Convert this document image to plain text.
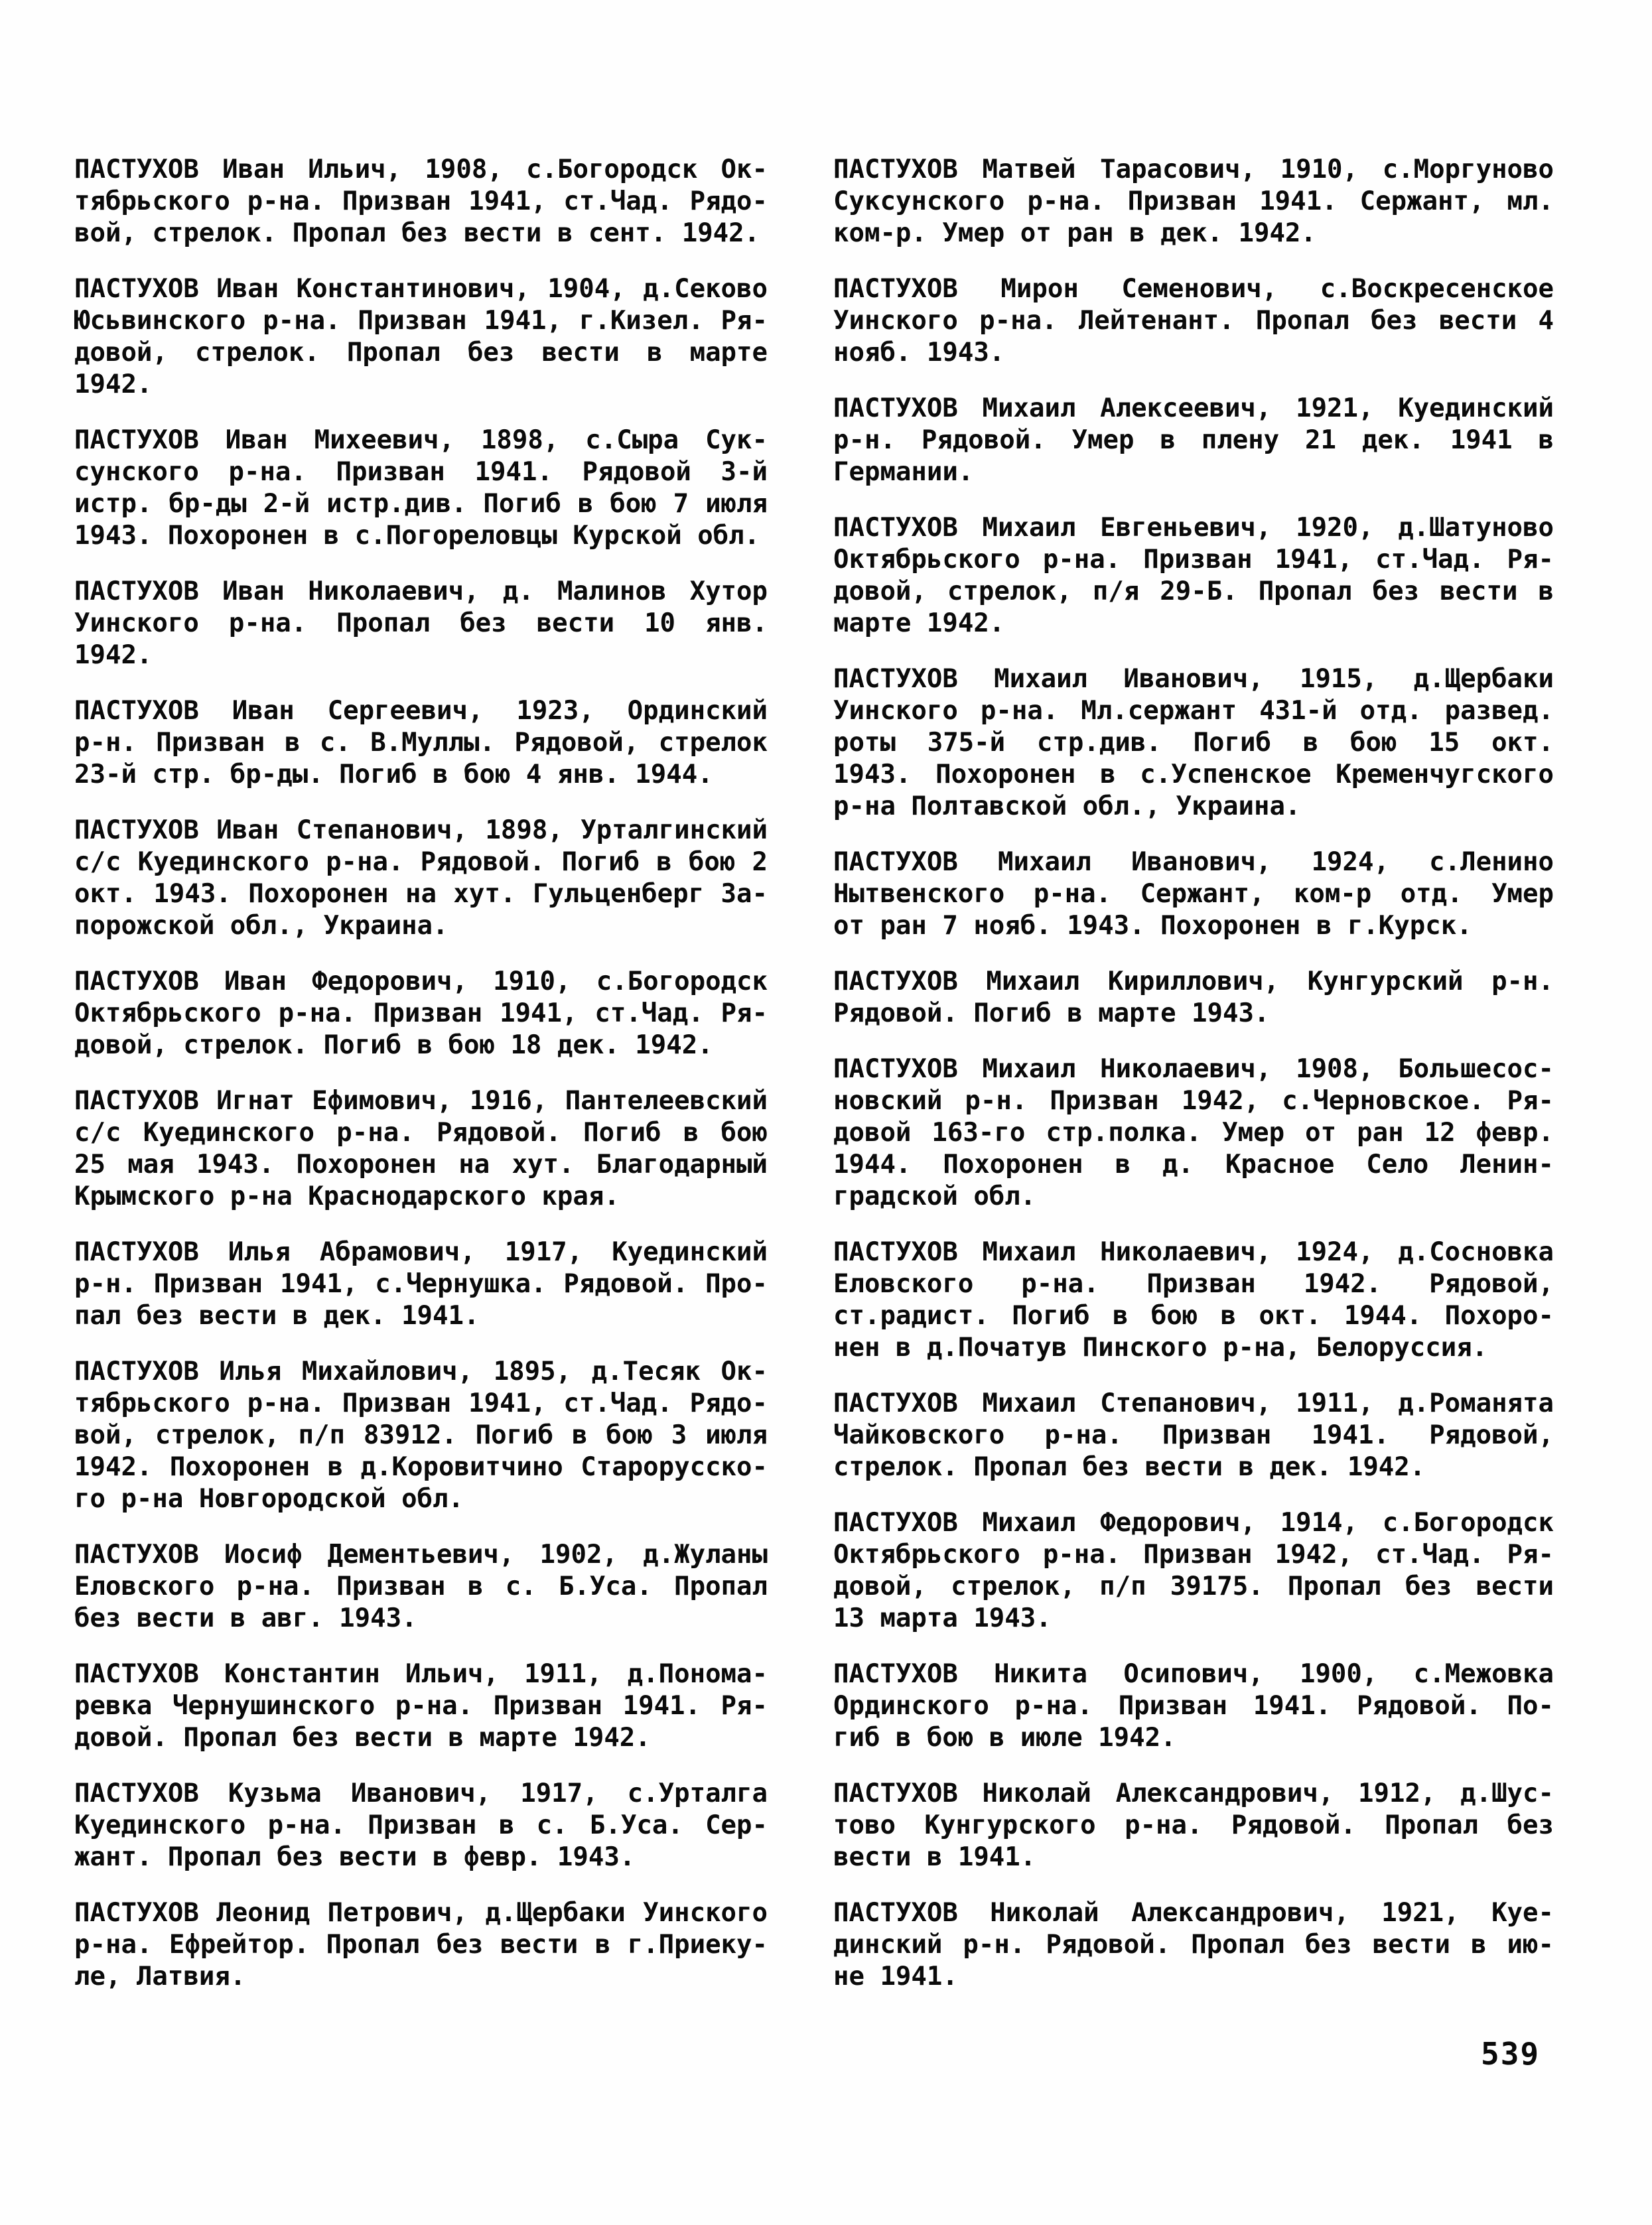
ПАСТУХОВ Иван Ильич, 1908, с.Богородск Ок-
тябрьского р-на. Призван 1941, ст.Чад. Рядо-
вой, стрелок. Пропал без вести в сент. 1942.
ПАСТУХОВ Иван Константинович, 1904, д.Секово
Юсьвинского р-на. Призван 1941, г.Кизел. Ря-
довой, стрелок. Пропал без вести в марте
1942.
ПАСТУХОВ Иван Михеевич, 1898, с.Сыра Сук-
сунского р-на. Призван 1941. Рядовой 3-й
истр. бр-ды 2-й истр.див. Погиб в бою 7 июля
1943. Похоронен в с.Погореловцы Курской обл.
ПАСТУХОВ Иван Николаевич, д. Малинов Хутор
Уинского р-на. Пропал без вести 10 янв.
1942.
ПАСТУХОВ Иван Сергеевич, 1923, Ординский
р-н. Призван в с. В.Муллы. Рядовой, стрелок
23-й стр. бр-ды. Погиб в бою 4 янв. 1944.
ПАСТУХОВ Иван Степанович, 1898, Урталгинский
с/с Куединского р-на. Рядовой. Погиб в бою 2
окт. 1943. Похоронен на хут. Гульценберг За-
порожской обл., Украина.
ПАСТУХОВ Иван Федорович, 1910, с.Богородск
Октябрьского р-на. Призван 1941, ст.Чад. Ря-
довой, стрелок. Погиб в бою 18 дек. 1942.
ПАСТУХОВ Игнат Ефимович, 1916, Пантелеевский
с/с Куединского р-на. Рядовой. Погиб в бою
25 мая 1943. Похоронен на хут. Благодарный
Крымского р-на Краснодарского края.
ПАСТУХОВ Илья Абрамович, 1917, Куединский
р-н. Призван 1941, с.Чернушка. Рядовой. Про-
пал без вести в дек. 1941.
ПАСТУХОВ Илья Михайлович, 1895, д.Тесяк Ок-
тябрьского р-на. Призван 1941, ст.Чад. Рядо-
вой, стрелок, п/п 83912. Погиб в бою 3 июля
1942. Похоронен в д.Коровитчино Старорусско-
го р-на Новгородской обл.
ПАСТУХОВ Иосиф Дементьевич, 1902, д.Жуланы
Еловского р-на. Призван в с. Б.Уса. Пропал
без вести в авг. 1943.
ПАСТУХОВ Константин Ильич, 1911, д.Понома-
ревка Чернушинского р-на. Призван 1941. Ря-
довой. Пропал без вести в марте 1942.
ПАСТУХОВ Кузьма Иванович, 1917, с.Урталга
Куединского р-на. Призван в с. Б.Уса. Сер-
жант. Пропал без вести в февр. 1943.
ПАСТУХОВ Леонид Петрович, д.Щербаки Уинского
р-на. Ефрейтор. Пропал без вести в г.Приеку-
ле, Латвия.
ПАСТУХОВ Матвей Тарасович, 1910, с.Моргуново
Суксунского р-на. Призван 1941. Сержант, мл.
ком-р. Умер от ран в дек. 1942.
ПАСТУХОВ Мирон Семенович, с.Воскресенское
Уинского р-на. Лейтенант. Пропал без вести 4
нояб. 1943.
ПАСТУХОВ Михаил Алексеевич, 1921, Куединский
р-н. Рядовой. Умер в плену 21 дек. 1941 в
Германии.
ПАСТУХОВ Михаил Евгеньевич, 1920, д.Шатуново
Октябрьского р-на. Призван 1941, ст.Чад. Ря-
довой, стрелок, п/я 29-Б. Пропал без вести в
марте 1942.
ПАСТУХОВ Михаил Иванович, 1915, д.Щербаки
Уинского р-на. Мл.сержант 431-й отд. развед.
роты 375-й стр.див. Погиб в бою 15 окт.
1943. Похоронен в с.Успенское Кременчугского
р-на Полтавской обл., Украина.
ПАСТУХОВ Михаил Иванович, 1924, с.Ленино
Нытвенского р-на. Сержант, ком-р отд. Умер
от ран 7 нояб. 1943. Похоронен в г.Курск.
ПАСТУХОВ Михаил Кириллович, Кунгурский р-н.
Рядовой. Погиб в марте 1943.
ПАСТУХОВ Михаил Николаевич, 1908, Большесос-
новский р-н. Призван 1942, с.Черновское. Ря-
довой 163-го стр.полка. Умер от ран 12 февр.
1944. Похоронен в д. Красное Село Ленин-
градской обл.
ПАСТУХОВ Михаил Николаевич, 1924, д.Сосновка
Еловского р-на. Призван 1942. Рядовой,
ст.радист. Погиб в бою в окт. 1944. Похоро-
нен в д.Початув Пинского р-на, Белоруссия.
ПАСТУХОВ Михаил Степанович, 1911, д.Романята
Чайковского р-на. Призван 1941. Рядовой,
стрелок. Пропал без вести в дек. 1942.
ПАСТУХОВ Михаил Федорович, 1914, с.Богородск
Октябрьского р-на. Призван 1942, ст.Чад. Ря-
довой, стрелок, п/п 39175. Пропал без вести
13 марта 1943.
ПАСТУХОВ Никита Осипович, 1900, с.Межовка
Ординского р-на. Призван 1941. Рядовой. По-
гиб в бою в июле 1942.
ПАСТУХОВ Николай Александрович, 1912, д.Шус-
тово Кунгурского р-на. Рядовой. Пропал без
вести в 1941.
ПАСТУХОВ Николай Александрович, 1921, Куе-
динский р-н. Рядовой. Пропал без вести в ию-
не 1941.
539
